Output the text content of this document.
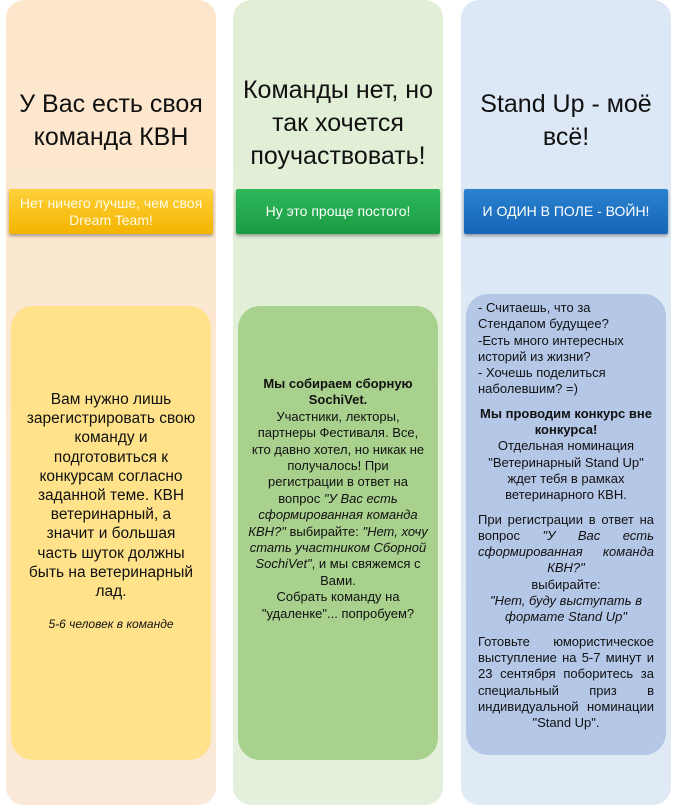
У Вас есть своя команда КВН
Нет ничего лучше, чем своя Dream Team!
Вам нужно лишь зарегистрировать свою команду и подготовиться к конкурсам согласно заданной теме. КВН ветеринарный, а значит и большая часть шуток должны быть на ветеринарный лад.
5-6 человек в команде
Команды нет, но так хочется поучаствовать!
Ну это проще постого!
Мы собираем сборную SochiVet.
Участники, лекторы, партнеры Фестиваля. Все, кто давно хотел, но никак не получалось! При регистрации в ответ на вопрос "У Вас есть сформированная команда КВН?" выбирайте: "Нет, хочу стать участником Сборной SochiVet", и мы свяжемся с Вами.
Собрать команду на "удаленке"... попробуем?
Stand Up - моё всё!
И ОДИН В ПОЛЕ - ВОЙН!
- Считаешь, что за Стендапом будущее?
-Есть много интересных историй из жизни?
- Хочешь поделиться наболевшим? =)
Мы проводим конкурс вне конкурса!
Отдельная номинация "Ветеринарный Stand Up" ждет тебя в рамках ветеринарного КВН.
При регистрации в ответ на вопрос "У Вас есть сформированная команда КВН?"
выбирайте:
"Нет, буду выступать в формате Stand Up"
Готовьте юмористическое выступление на 5-7 минут и 23 сентября поборитесь за специальный приз в индивидуальной номинации "Stand Up".
